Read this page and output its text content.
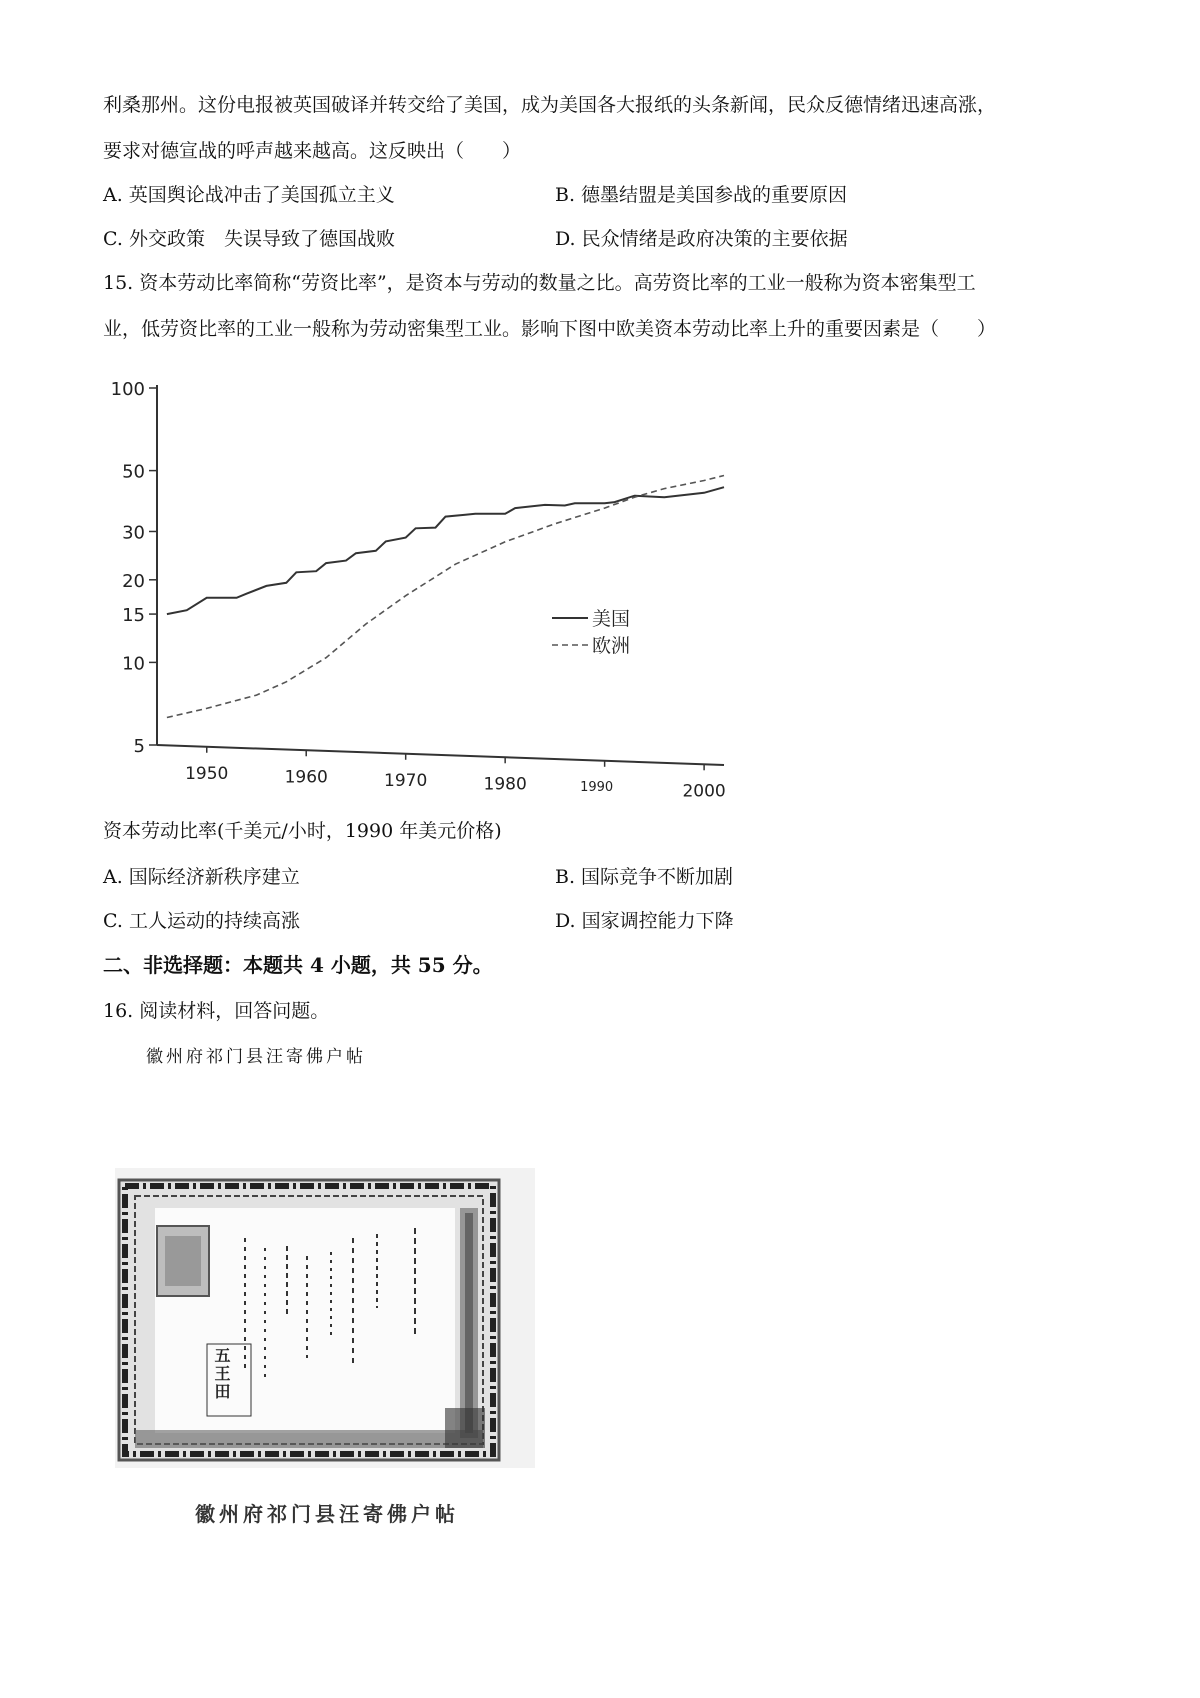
利桑那州。这份电报被英国破译并转交给了美国，成为美国各大报纸的头条新闻，民众反德情绪迅速高涨，
要求对德宣战的呼声越来越高。这反映出（　　）
A. 英国舆论战冲击了美国孤立主义	B. 德墨结盟是美国参战的重要原因
C. 外交政策　失误导致了德国战败	D. 民众情绪是政府决策的主要依据
15. 资本劳动比率简称“劳资比率”，是资本与劳动的数量之比。高劳资比率的工业一般称为资本密集型工
业，低劳资比率的工业一般称为劳动密集型工业。影响下图中欧美资本劳动比率上升的重要因素是（　　）
100
50
30
20
15
10
5
1950	1960	1970	1980	1990	2000
美国
欧洲
资本劳动比率(千美元/小时，1990 年美元价格)
A. 国际经济新秩序建立	B. 国际竞争不断加剧
C. 工人运动的持续高涨	D. 国家调控能力下降
二、非选择题：本题共 4 小题，共 55 分。
16. 阅读材料，回答问题。
徽州府祁门县汪寄佛户帖
五王田
徽州府祁门县汪寄佛户帖
